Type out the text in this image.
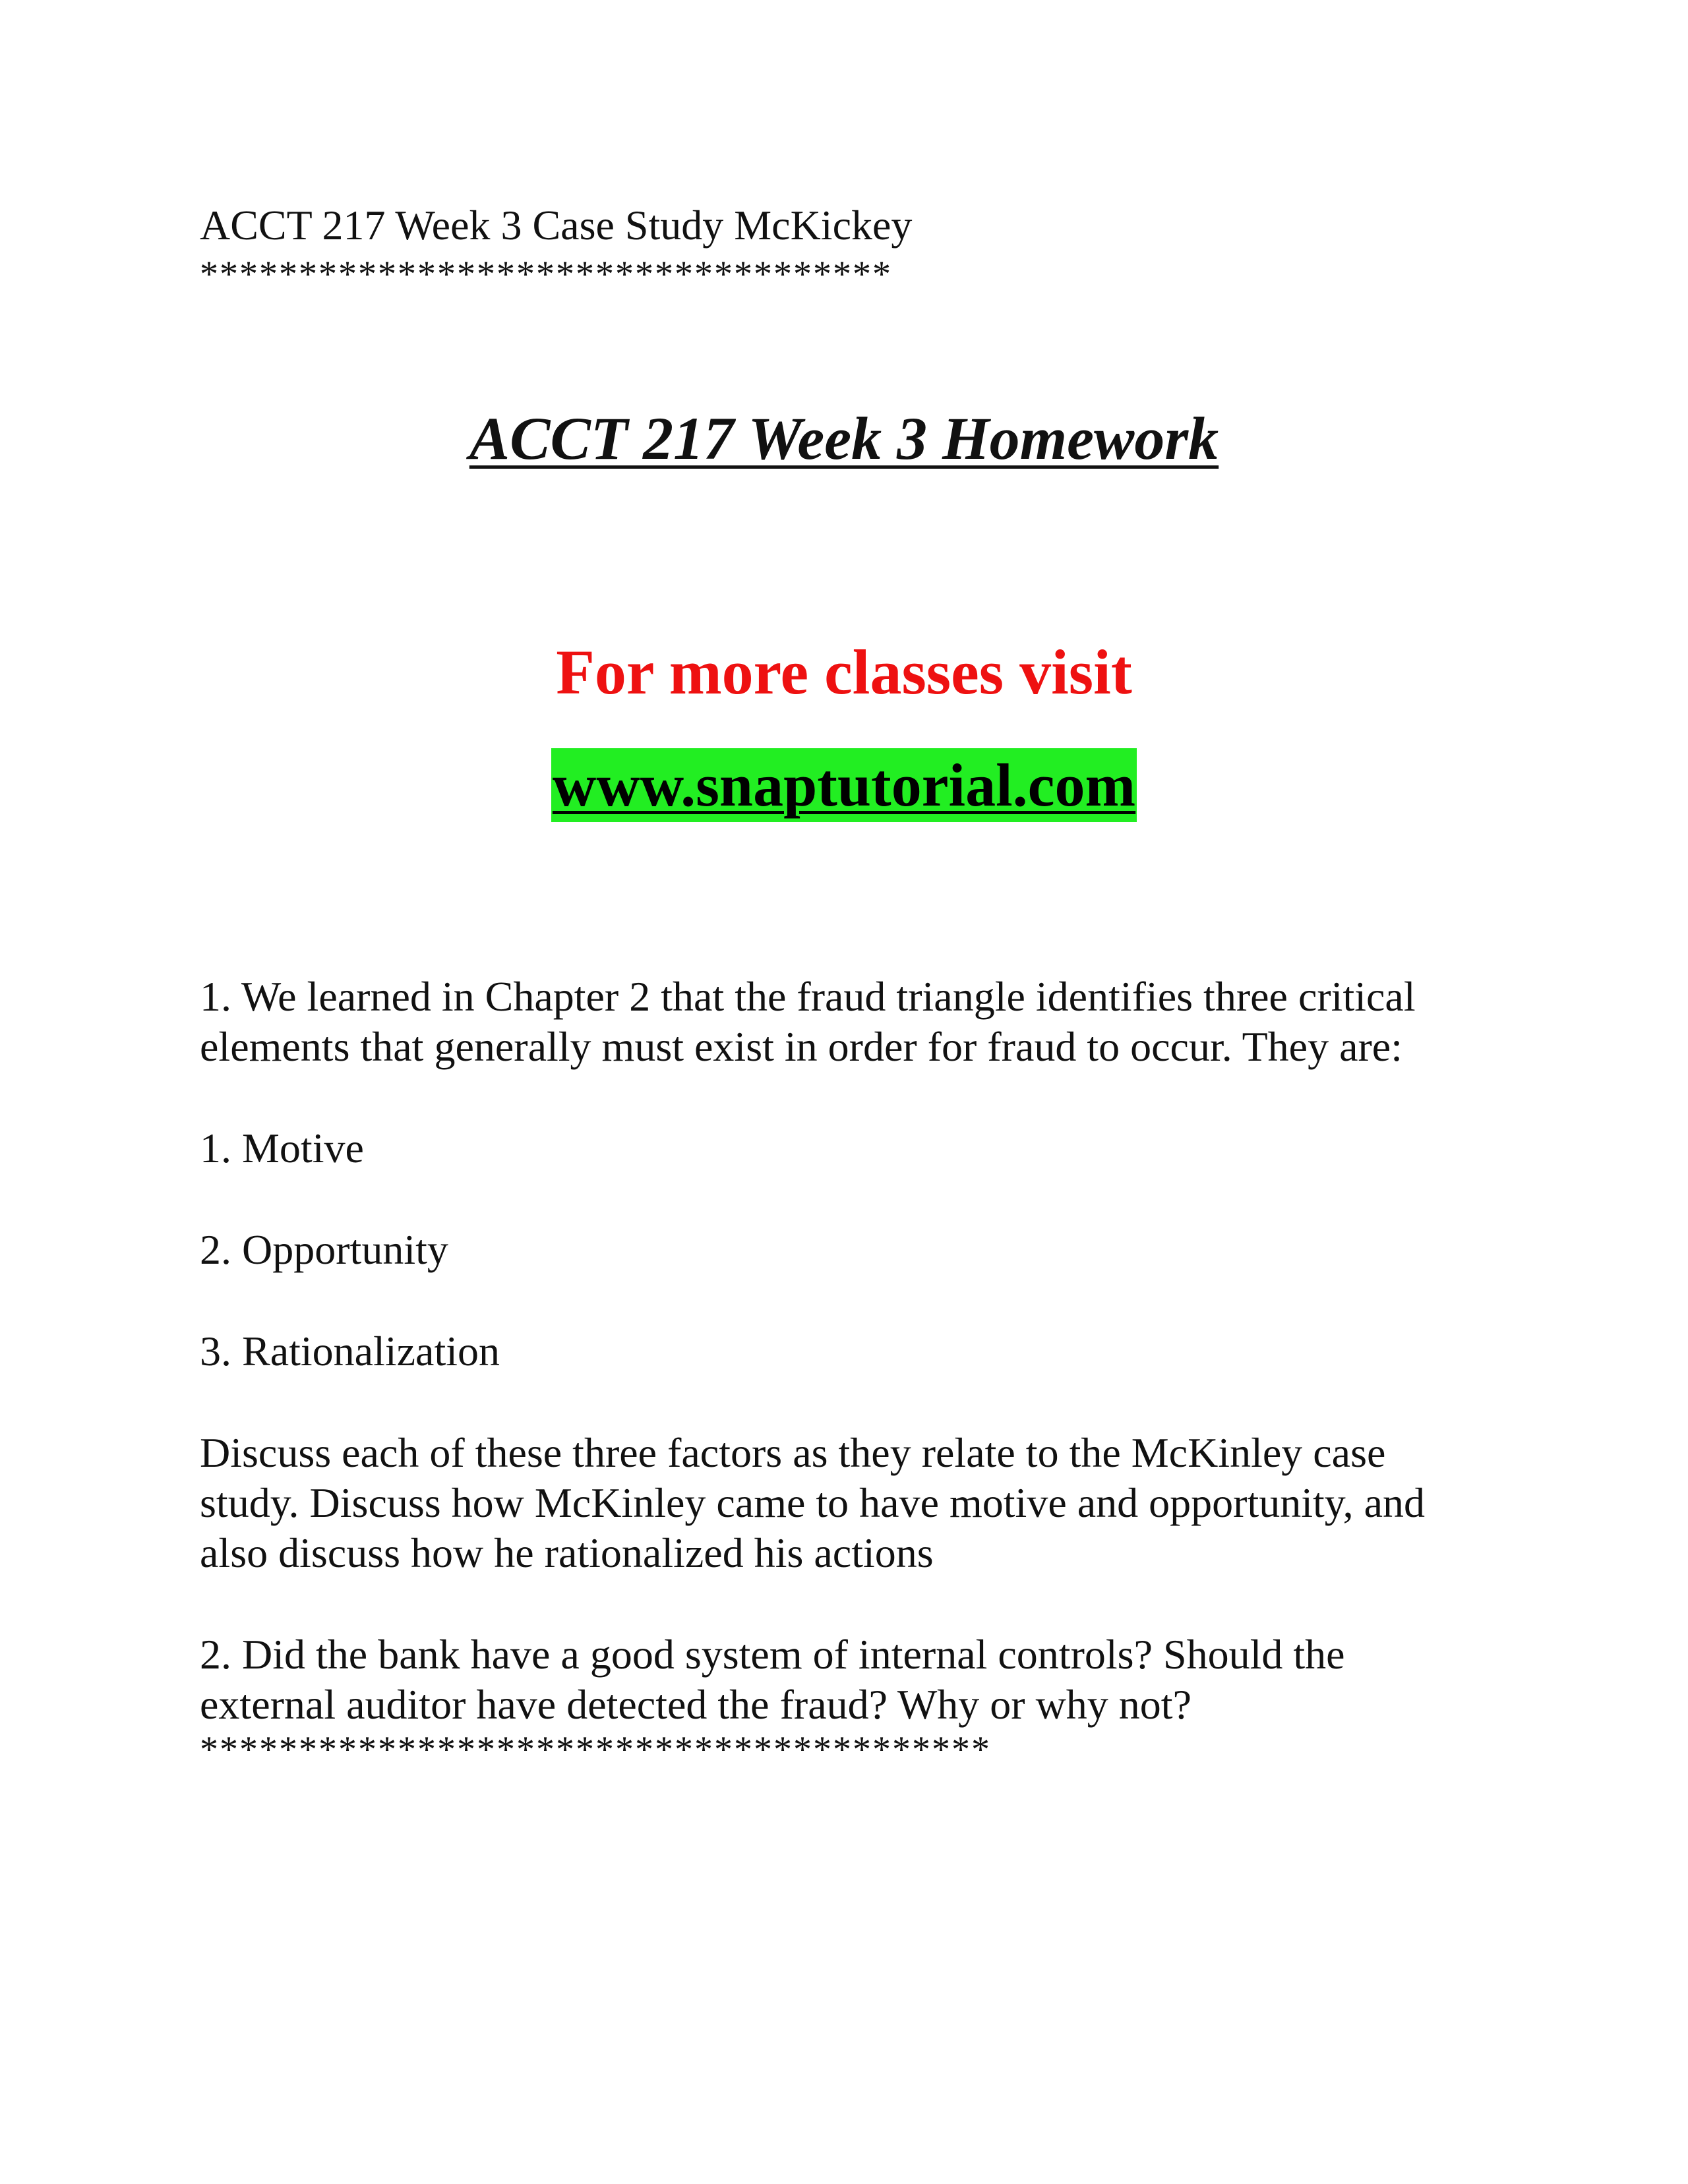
ACCT 217 Week 3 Case Study McKickey
***********************************
ACCT 217 Week 3 Homework
For more classes visit
www.snaptutorial.com
1. We learned in Chapter 2 that the fraud triangle identifies three critical
elements that generally must exist in order for fraud to occur. They are:
1. Motive
2. Opportunity
3. Rationalization
Discuss each of these three factors as they relate to the McKinley case
study. Discuss how McKinley came to have motive and opportunity, and
also discuss how he rationalized his actions
2. Did the bank have a good system of internal controls? Should the
external auditor have detected the fraud? Why or why not?
****************************************
